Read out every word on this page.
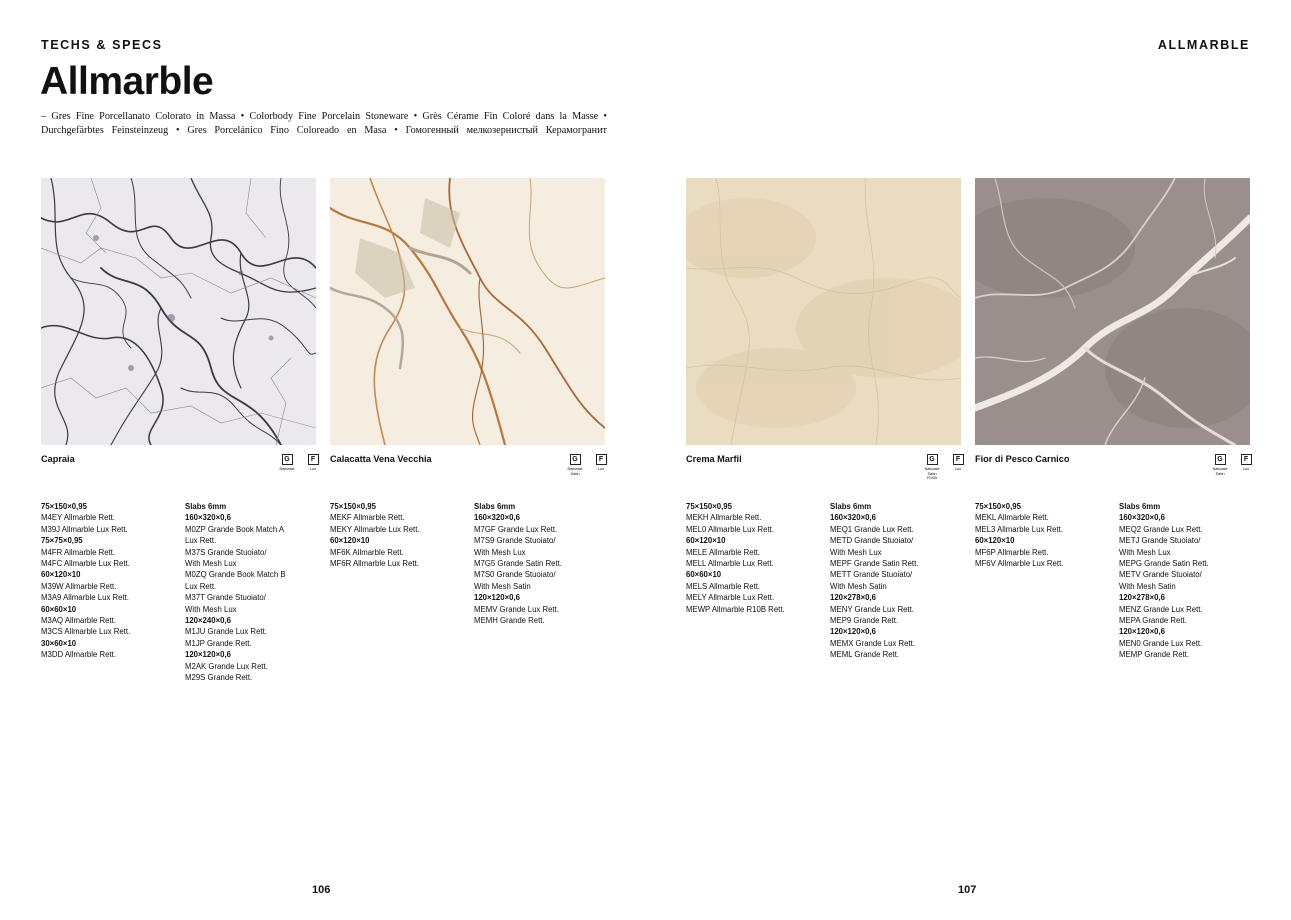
TECHS & SPECS	ALLMARBLE
Allmarble
– Gres Fine Porcellanato Colorato in Massa • Colorbody Fine Porcelain Stoneware • Grès Cérame Fin Coloré dans la Masse •
Durchgefärbtes Feinsteinzeug • Gres Porcelánico Fino Coloreado en Masa • Гомогенный мелкозернистый Керамогранит
Capraia	Calacatta Vena Vecchia	Crema Marfil	Fior di Pesco Carnico
G
Naturale
F
Lux
G
Naturale
Satin
F
Lux
G
Naturale
Satin
R10B
F
Lux
G
Naturale
Satin
F
Lux
75×150×0,95
M4EY Allmarble Rett.
M39J Allmarble Lux Rett.
75×75×0,95
M4FR Allmarble Rett.
M4FC Allmarble Lux Rett.
60×120×10
M39W Allmarble Rett.
M3A9 Allmarble Lux Rett.
60×60×10
M3AQ Allmarble Rett.
M3CS Allmarble Lux Rett.
30×60×10
M3DD Allmarble Rett.
Slabs 6mm
160×320×0,6
M0ZP Grande Book Match A
Lux Rett.
M37S Grande Stuoiato/
With Mesh Lux
M0ZQ Grande Book Match B
Lux Rett.
M37T Grande Stuoiato/
With Mesh Lux
120×240×0,6
M1JU Grande Lux Rett.
M1JP Grande Rett.
120×120×0,6
M2AK Grande Lux Rett.
M29S Grande Rett.
75×150×0,95
MEKF Allmarble Rett.
MEKY Allmarble Lux Rett.
60×120×10
MF6K Allmarble Rett.
MF6R Allmarble Lux Rett.
Slabs 6mm
160×320×0,6
M7GF Grande Lux Rett.
M7S9 Grande Stuoiato/
With Mesh Lux
M7G5 Grande Satin Rett.
M7S0 Grande Stuoiato/
With Mesh Satin
120×120×0,6
MEMV Grande Lux Rett.
MEMH Grande Rett.
75×150×0,95
MEKH Allmarble Rett.
MEL0 Allmarble Lux Rett.
60×120×10
MELE Allmarble Rett.
MELL Allmarble Lux Rett.
60×60×10
MELS Allmarble Rett.
MELY Allmarble Lux Rett.
MEWP Allmarble R10B Rett.
Slabs 6mm
160×320×0,6
MEQ1 Grande Lux Rett.
METD Grande Stuoiato/
With Mesh Lux
MEPF Grande Satin Rett.
METT Grande Stuoiato/
With Mesh Satin
120×278×0,6
MENY Grande Lux Rett.
MEP9 Grande Rett.
120×120×0,6
MEMX Grande Lux Rett.
MEML Grande Rett.
75×150×0,95
MEKL Allmarble Rett.
MEL3 Allmarble Lux Rett.
60×120×10
MF6P Allmarble Rett.
MF6V Allmarble Lux Rett.
Slabs 6mm
160×320×0,6
MEQ2 Grande Lux Rett.
METJ Grande Stuoiato/
With Mesh Lux
MEPG Grande Satin Rett.
METV Grande Stuoiato/
With Mesh Satin
120×278×0,6
MENZ Grande Lux Rett.
MEPA Grande Rett.
120×120×0,6
MEN0 Grande Lux Rett.
MEMP Grande Rett.
106	107
